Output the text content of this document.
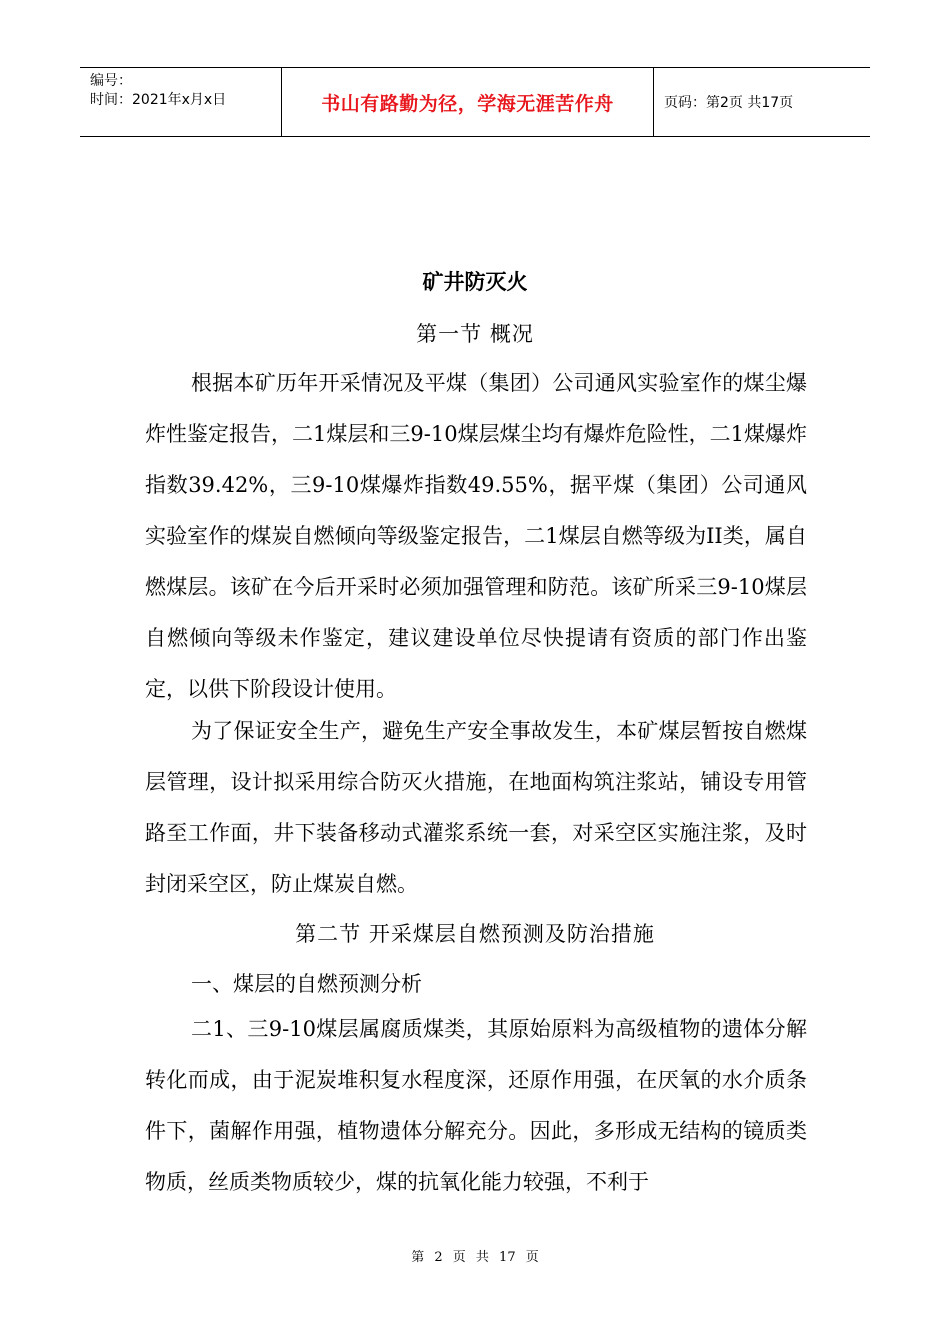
编号：
时间：2021年x月x日	书山有路勤为径，学海无涯苦作舟	页码：第2页 共17页
矿井防灭火
第一节 概况

根据本矿历年开采情况及平煤（集团）公司通风实验室作的煤尘爆炸性鉴定报告，二1煤层和三9-10煤层煤尘均有爆炸危险性，二1煤爆炸指数39.42%，三9-10煤爆炸指数49.55%，据平煤（集团）公司通风实验室作的煤炭自燃倾向等级鉴定报告，二1煤层自燃等级为II类，属自燃煤层。该矿在今后开采时必须加强管理和防范。该矿所采三9-10煤层自燃倾向等级未作鉴定，建议建设单位尽快提请有资质的部门作出鉴定，以供下阶段设计使用。

为了保证安全生产，避免生产安全事故发生，本矿煤层暂按自燃煤层管理，设计拟采用综合防灭火措施，在地面构筑注浆站，铺设专用管路至工作面，井下装备移动式灌浆系统一套，对采空区实施注浆，及时封闭采空区，防止煤炭自燃。

第二节 开采煤层自燃预测及防治措施
一、煤层的自燃预测分析

二1、三9-10煤层属腐质煤类，其原始原料为高级植物的遗体分解转化而成，由于泥炭堆积复水程度深，还原作用强，在厌氧的水介质条件下，菌解作用强，植物遗体分解充分。因此，多形成无结构的镜质类物质，丝质类物质较少，煤的抗氧化能力较强，不利于

第 2 页 共 17 页
